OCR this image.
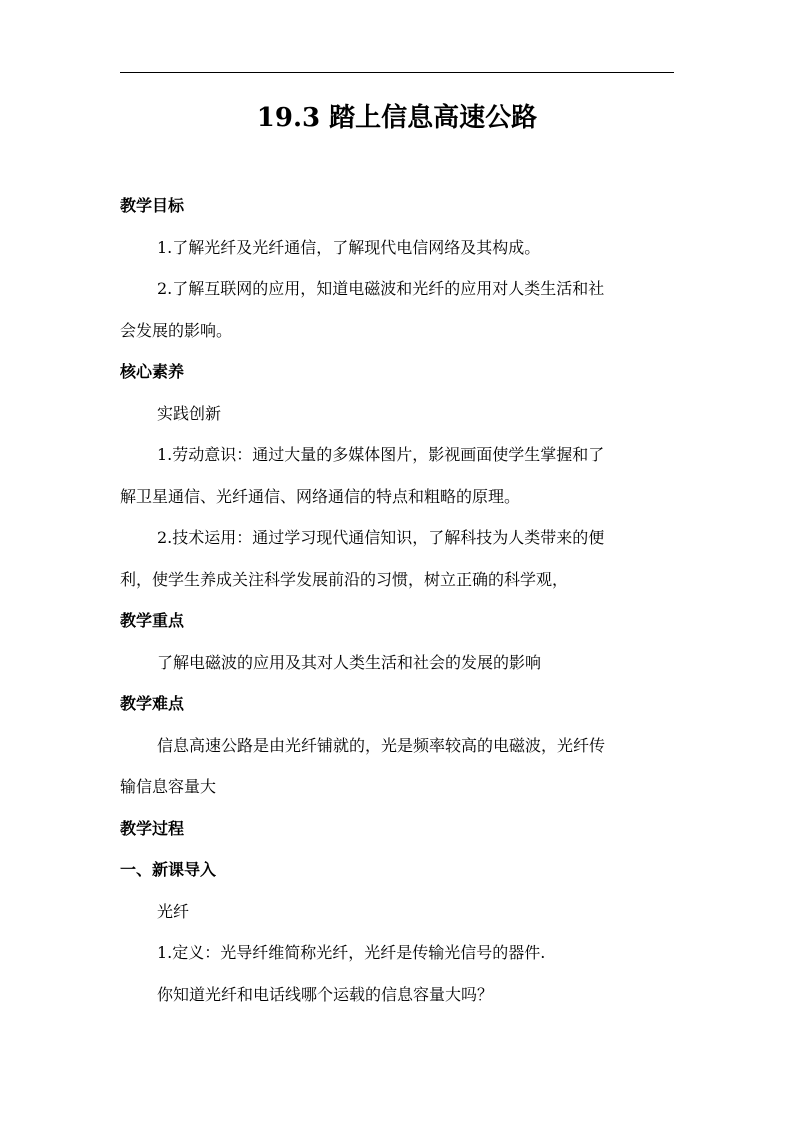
19.3 踏上信息高速公路
教学目标
1.了解光纤及光纤通信，了解现代电信网络及其构成。
2.了解互联网的应用，知道电磁波和光纤的应用对人类生活和社
会发展的影响。
核心素养
实践创新
1.劳动意识：通过大量的多媒体图片，影视画面使学生掌握和了
解卫星通信、光纤通信、网络通信的特点和粗略的原理。
2.技术运用：通过学习现代通信知识，了解科技为人类带来的便
利，使学生养成关注科学发展前沿的习惯，树立正确的科学观，
教学重点
了解电磁波的应用及其对人类生活和社会的发展的影响
教学难点
信息高速公路是由光纤铺就的，光是频率较高的电磁波，光纤传
输信息容量大
教学过程
一、新课导入
光纤
1.定义：光导纤维简称光纤，光纤是传输光信号的器件.
你知道光纤和电话线哪个运载的信息容量大吗？
